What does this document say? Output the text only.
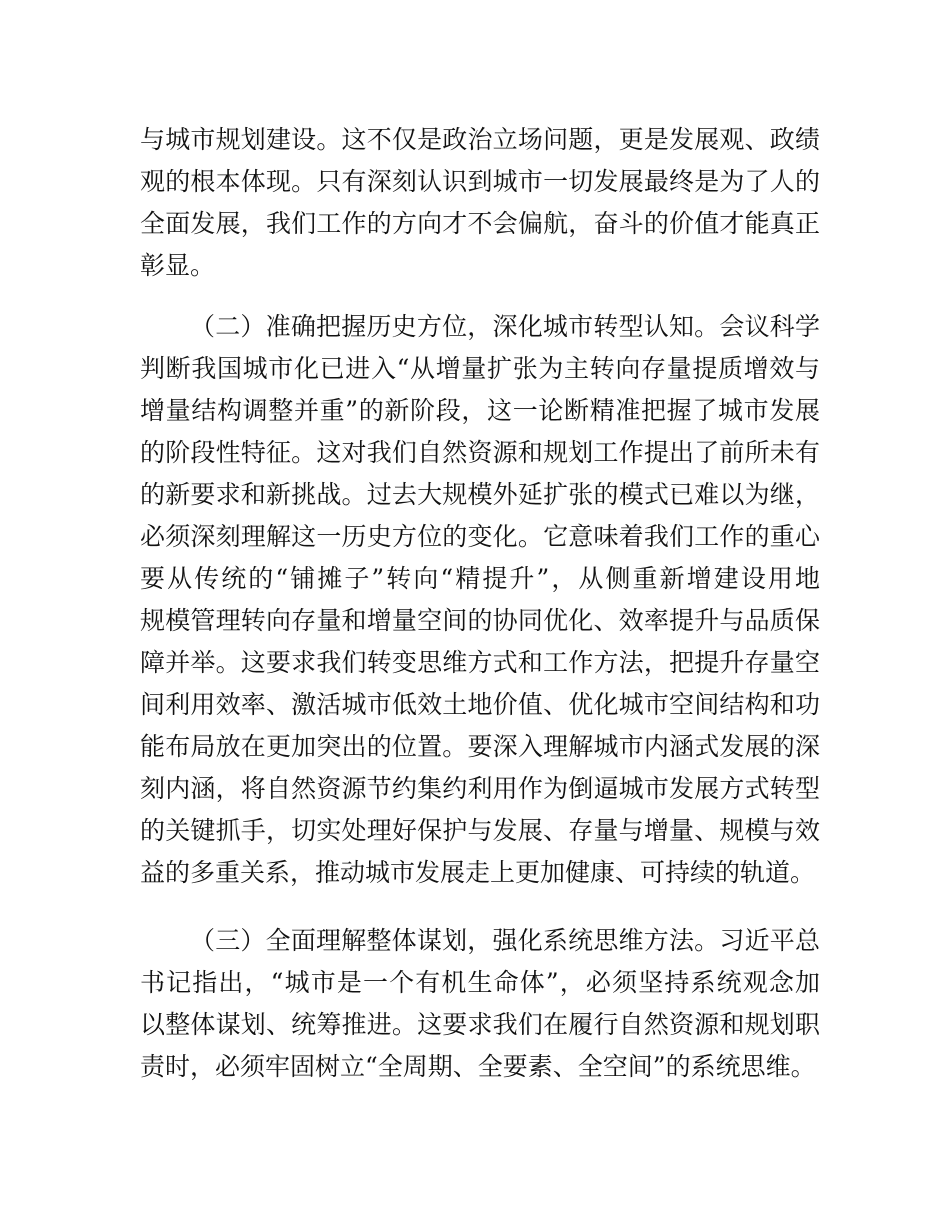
与城市规划建设。这不仅是政治立场问题，更是发展观、政绩
观的根本体现。只有深刻认识到城市一切发展最终是为了人的
全面发展，我们工作的方向才不会偏航，奋斗的价值才能真正
彰显。
（二）准确把握历史方位，深化城市转型认知。会议科学
判断我国城市化已进入“从增量扩张为主转向存量提质增效与
增量结构调整并重”的新阶段，这一论断精准把握了城市发展
的阶段性特征。这对我们自然资源和规划工作提出了前所未有
的新要求和新挑战。过去大规模外延扩张的模式已难以为继，
必须深刻理解这一历史方位的变化。它意味着我们工作的重心
要从传统的“铺摊子”转向“精提升”，从侧重新增建设用地
规模管理转向存量和增量空间的协同优化、效率提升与品质保
障并举。这要求我们转变思维方式和工作方法，把提升存量空
间利用效率、激活城市低效土地价值、优化城市空间结构和功
能布局放在更加突出的位置。要深入理解城市内涵式发展的深
刻内涵，将自然资源节约集约利用作为倒逼城市发展方式转型
的关键抓手，切实处理好保护与发展、存量与增量、规模与效
益的多重关系，推动城市发展走上更加健康、可持续的轨道。
（三）全面理解整体谋划，强化系统思维方法。习近平总
书记指出，“城市是一个有机生命体”，必须坚持系统观念加
以整体谋划、统筹推进。这要求我们在履行自然资源和规划职
责时，必须牢固树立“全周期、全要素、全空间”的系统思维。
